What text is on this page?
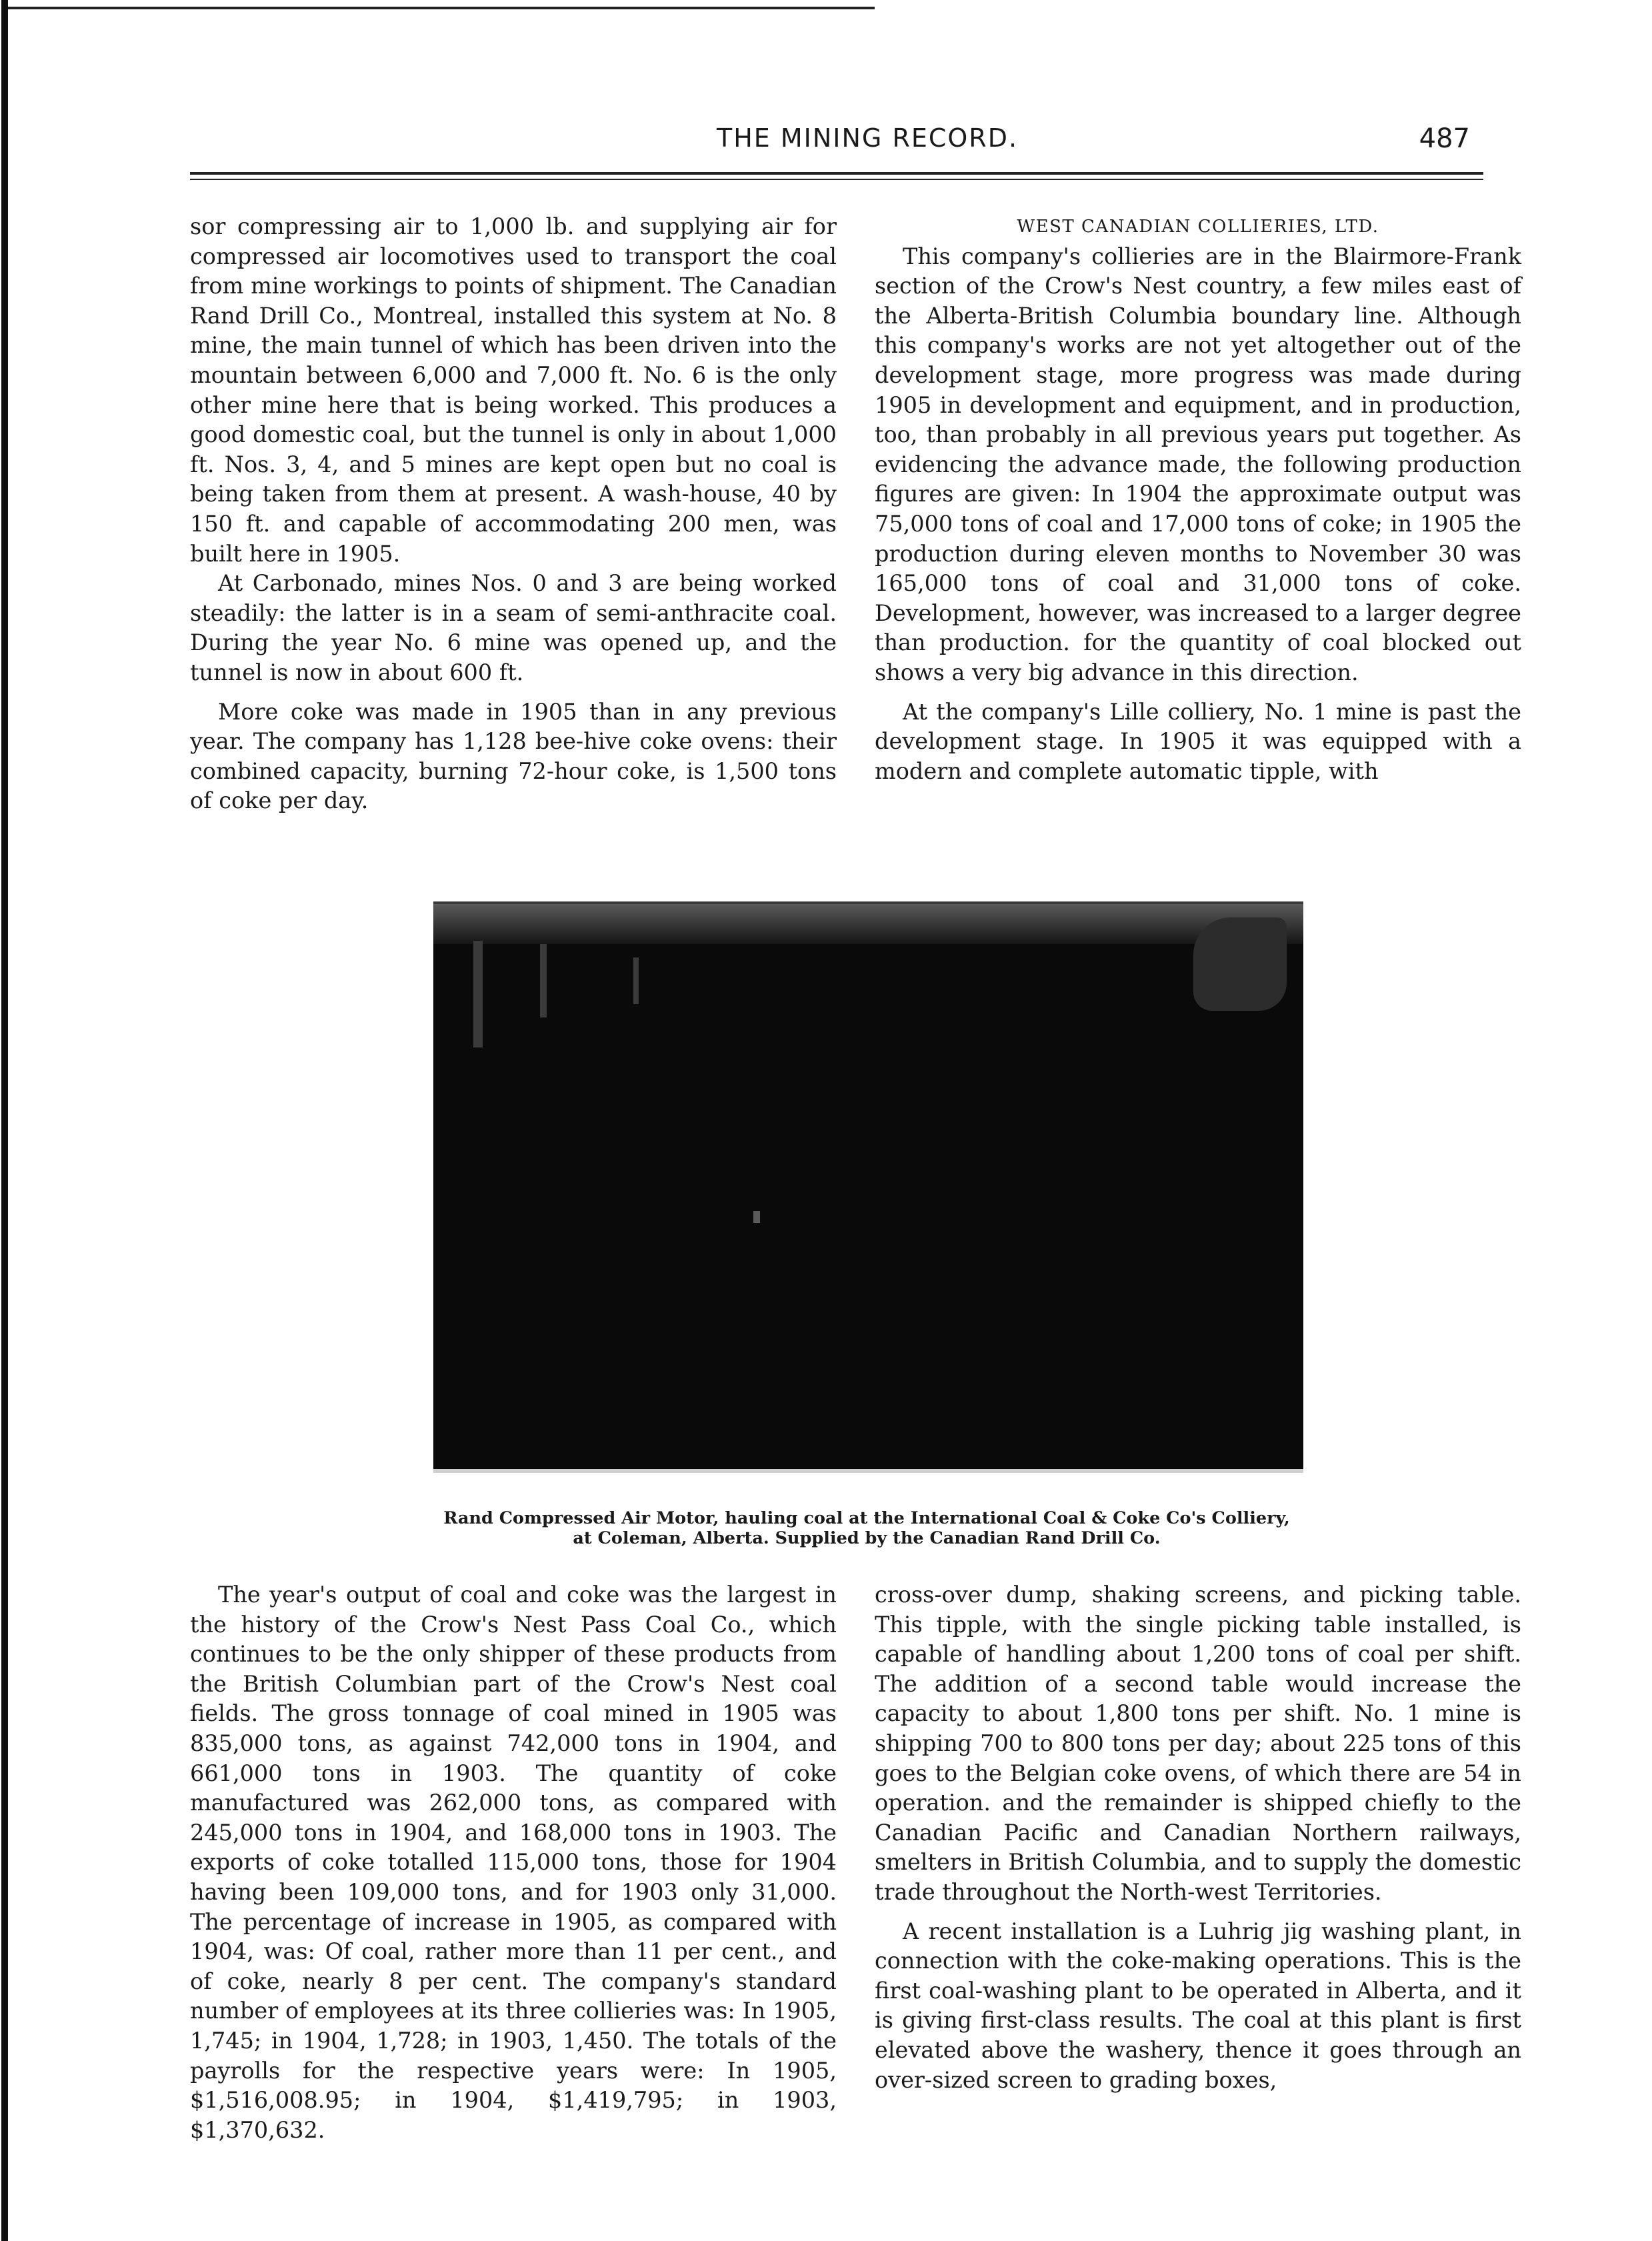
THE MINING RECORD.	487

sor compressing air to 1,000 lb. and supplying air for compressed air locomotives used to transport the coal from mine workings to points of shipment. The Canadian Rand Drill Co., Montreal, installed this system at No. 8 mine, the main tunnel of which has been driven into the mountain between 6,000 and 7,000 ft. No. 6 is the only other mine here that is being worked. This produces a good domestic coal, but the tunnel is only in about 1,000 ft. Nos. 3, 4, and 5 mines are kept open but no coal is being taken from them at present. A wash-house, 40 by 150 ft. and capable of accommodating 200 men, was built here in 1905.

At Carbonado, mines Nos. 0 and 3 are being worked steadily: the latter is in a seam of semi-anthracite coal. During the year No. 6 mine was opened up, and the tunnel is now in about 600 ft.

More coke was made in 1905 than in any previous year. The company has 1,128 bee-hive coke ovens: their combined capacity, burning 72-hour coke, is 1,500 tons of coke per day.

WEST CANADIAN COLLIERIES, LTD.

This company's collieries are in the Blairmore-Frank section of the Crow's Nest country, a few miles east of the Alberta-British Columbia boundary line. Although this company's works are not yet altogether out of the development stage, more progress was made during 1905 in development and equipment, and in production, too, than probably in all previous years put together. As evidencing the advance made, the following production figures are given: In 1904 the approximate output was 75,000 tons of coal and 17,000 tons of coke; in 1905 the production during eleven months to November 30 was 165,000 tons of coal and 31,000 tons of coke. Development, however, was increased to a larger degree than production. for the quantity of coal blocked out shows a very big advance in this direction.

At the company's Lille colliery, No. 1 mine is past the development stage. In 1905 it was equipped with a modern and complete automatic tipple, with

Rand Compressed Air Motor, hauling coal at the International Coal & Coke Co's Colliery,
at Coleman, Alberta. Supplied by the Canadian Rand Drill Co.

The year's output of coal and coke was the largest in the history of the Crow's Nest Pass Coal Co., which continues to be the only shipper of these products from the British Columbian part of the Crow's Nest coal fields. The gross tonnage of coal mined in 1905 was 835,000 tons, as against 742,000 tons in 1904, and 661,000 tons in 1903. The quantity of coke manufactured was 262,000 tons, as compared with 245,000 tons in 1904, and 168,000 tons in 1903. The exports of coke totalled 115,000 tons, those for 1904 having been 109,000 tons, and for 1903 only 31,000. The percentage of increase in 1905, as compared with 1904, was: Of coal, rather more than 11 per cent., and of coke, nearly 8 per cent. The company's standard number of employees at its three collieries was: In 1905, 1,745; in 1904, 1,728; in 1903, 1,450. The totals of the payrolls for the respective years were: In 1905, $1,516,008.95; in 1904, $1,419,795; in 1903, $1,370,632.

cross-over dump, shaking screens, and picking table. This tipple, with the single picking table installed, is capable of handling about 1,200 tons of coal per shift. The addition of a second table would increase the capacity to about 1,800 tons per shift. No. 1 mine is shipping 700 to 800 tons per day; about 225 tons of this goes to the Belgian coke ovens, of which there are 54 in operation. and the remainder is shipped chiefly to the Canadian Pacific and Canadian Northern railways, smelters in British Columbia, and to supply the domestic trade throughout the North-west Territories.

A recent installation is a Luhrig jig washing plant, in connection with the coke-making operations. This is the first coal-washing plant to be operated in Alberta, and it is giving first-class results. The coal at this plant is first elevated above the washery, thence it goes through an over-sized screen to grading boxes,
